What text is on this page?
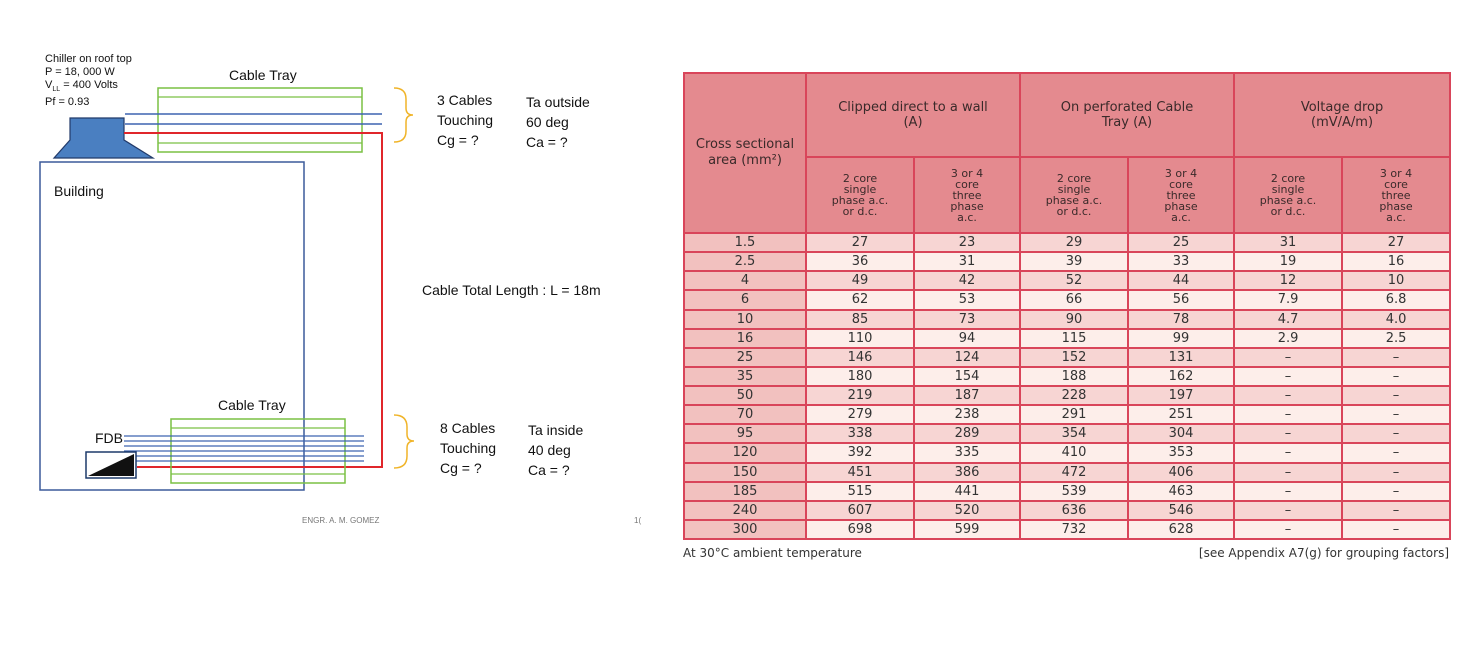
Chiller on roof top
P = 18, 000 W
$V_{LL} = 400$ Volts
Pf = 0.93
Cable Tray
Cable Tray
Building
FDB
3 Cables
Touching
Cg = ?
Ta outside
60 deg
Ca = ?
Cable Total Length : L = 18m
8 Cables
Touching
Cg = ?
Ta inside
40 deg
Ca = ?
ENGR. A. M. GOMEZ	1(
Cross sectional area (mm²)	Clipped direct to a wall (A)		On perforated Cable Tray (A)		Voltage drop (mV/A/m)	
	2 core single phase a.c. or d.c.	3 or 4 core three phase a.c.	2 core single phase a.c. or d.c.	3 or 4 core three phase a.c.	2 core single phase a.c. or d.c.	3 or 4 core three phase a.c.
1.5	27	23	29	25	31	27
2.5	36	31	39	33	19	16
4	49	42	52	44	12	10
6	62	53	66	56	7.9	6.8
10	85	73	90	78	4.7	4.0
16	110	94	115	99	2.9	2.5
25	146	124	152	131	–	–
35	180	154	188	162	–	–
50	219	187	228	197	–	–
70	279	238	291	251	–	–
95	338	289	354	304	–	–
120	392	335	410	353	–	–
150	451	386	472	406	–	–
185	515	441	539	463	–	–
240	607	520	636	546	–	–
300	698	599	732	628	–	–
At 30°C ambient temperature	[see Appendix A7(g) for grouping factors]
